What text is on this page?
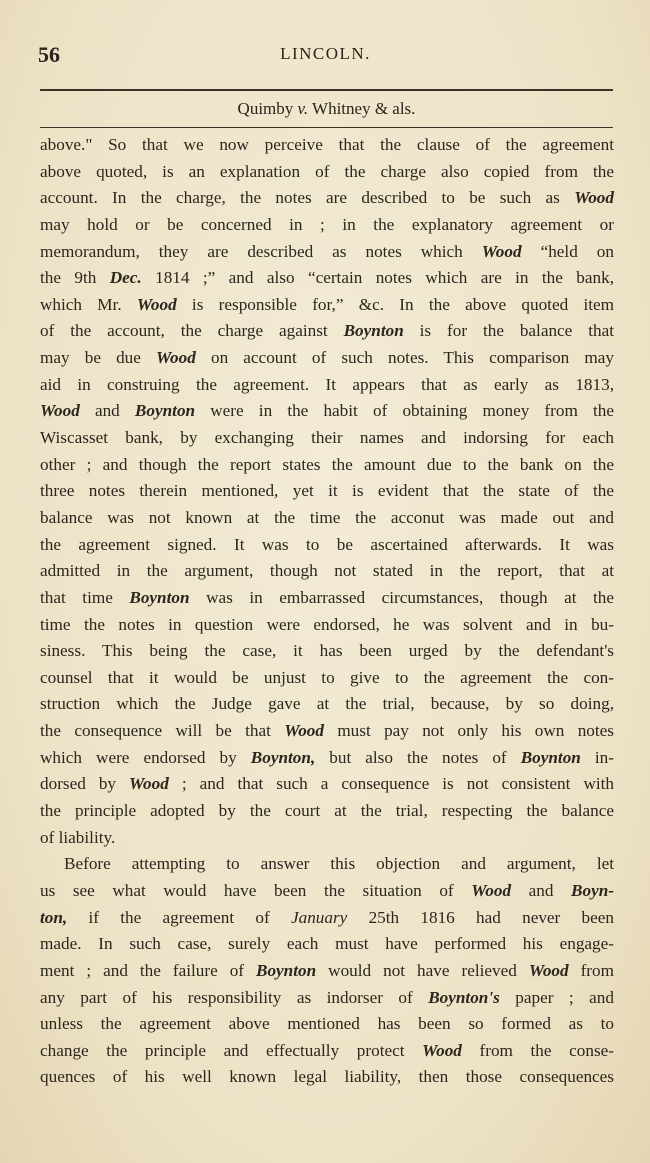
56	LINCOLN.
Quimby v. Whitney & als.
above." So that we now perceive that the clause of the agreement
above quoted, is an explanation of the charge also copied from the
account. In the charge, the notes are described to be such as Wood
may hold or be concerned in ; in the explanatory agreement or
memorandum, they are described as notes which Wood “held on
the 9th Dec. 1814 ;” and also “certain notes which are in the bank,
which Mr. Wood is responsible for,” &c. In the above quoted item
of the account, the charge against Boynton is for the balance that
may be due Wood on account of such notes. This comparison may
aid in construing the agreement. It appears that as early as 1813,
Wood and Boynton were in the habit of obtaining money from the
Wiscasset bank, by exchanging their names and indorsing for each
other ; and though the report states the amount due to the bank on the
three notes therein mentioned, yet it is evident that the state of the
balance was not known at the time the acconut was made out and
the agreement signed. It was to be ascertained afterwards. It was
admitted in the argument, though not stated in the report, that at
that time Boynton was in embarrassed circumstances, though at the
time the notes in question were endorsed, he was solvent and in bu-
siness. This being the case, it has been urged by the defendant's
counsel that it would be unjust to give to the agreement the con-
struction which the Judge gave at the trial, because, by so doing,
the consequence will be that Wood must pay not only his own notes
which were endorsed by Boynton, but also the notes of Boynton in-
dorsed by Wood ; and that such a consequence is not consistent with
the principle adopted by the court at the trial, respecting the balance
of liability.
Before attempting to answer this objection and argument, let
us see what would have been the situation of Wood and Boyn-
ton, if the agreement of January 25th 1816 had never been
made. In such case, surely each must have performed his engage-
ment ; and the failure of Boynton would not have relieved Wood from
any part of his responsibility as indorser of Boynton's paper ; and
unless the agreement above mentioned has been so formed as to
change the principle and effectually protect Wood from the conse-
quences of his well known legal liability, then those consequences
